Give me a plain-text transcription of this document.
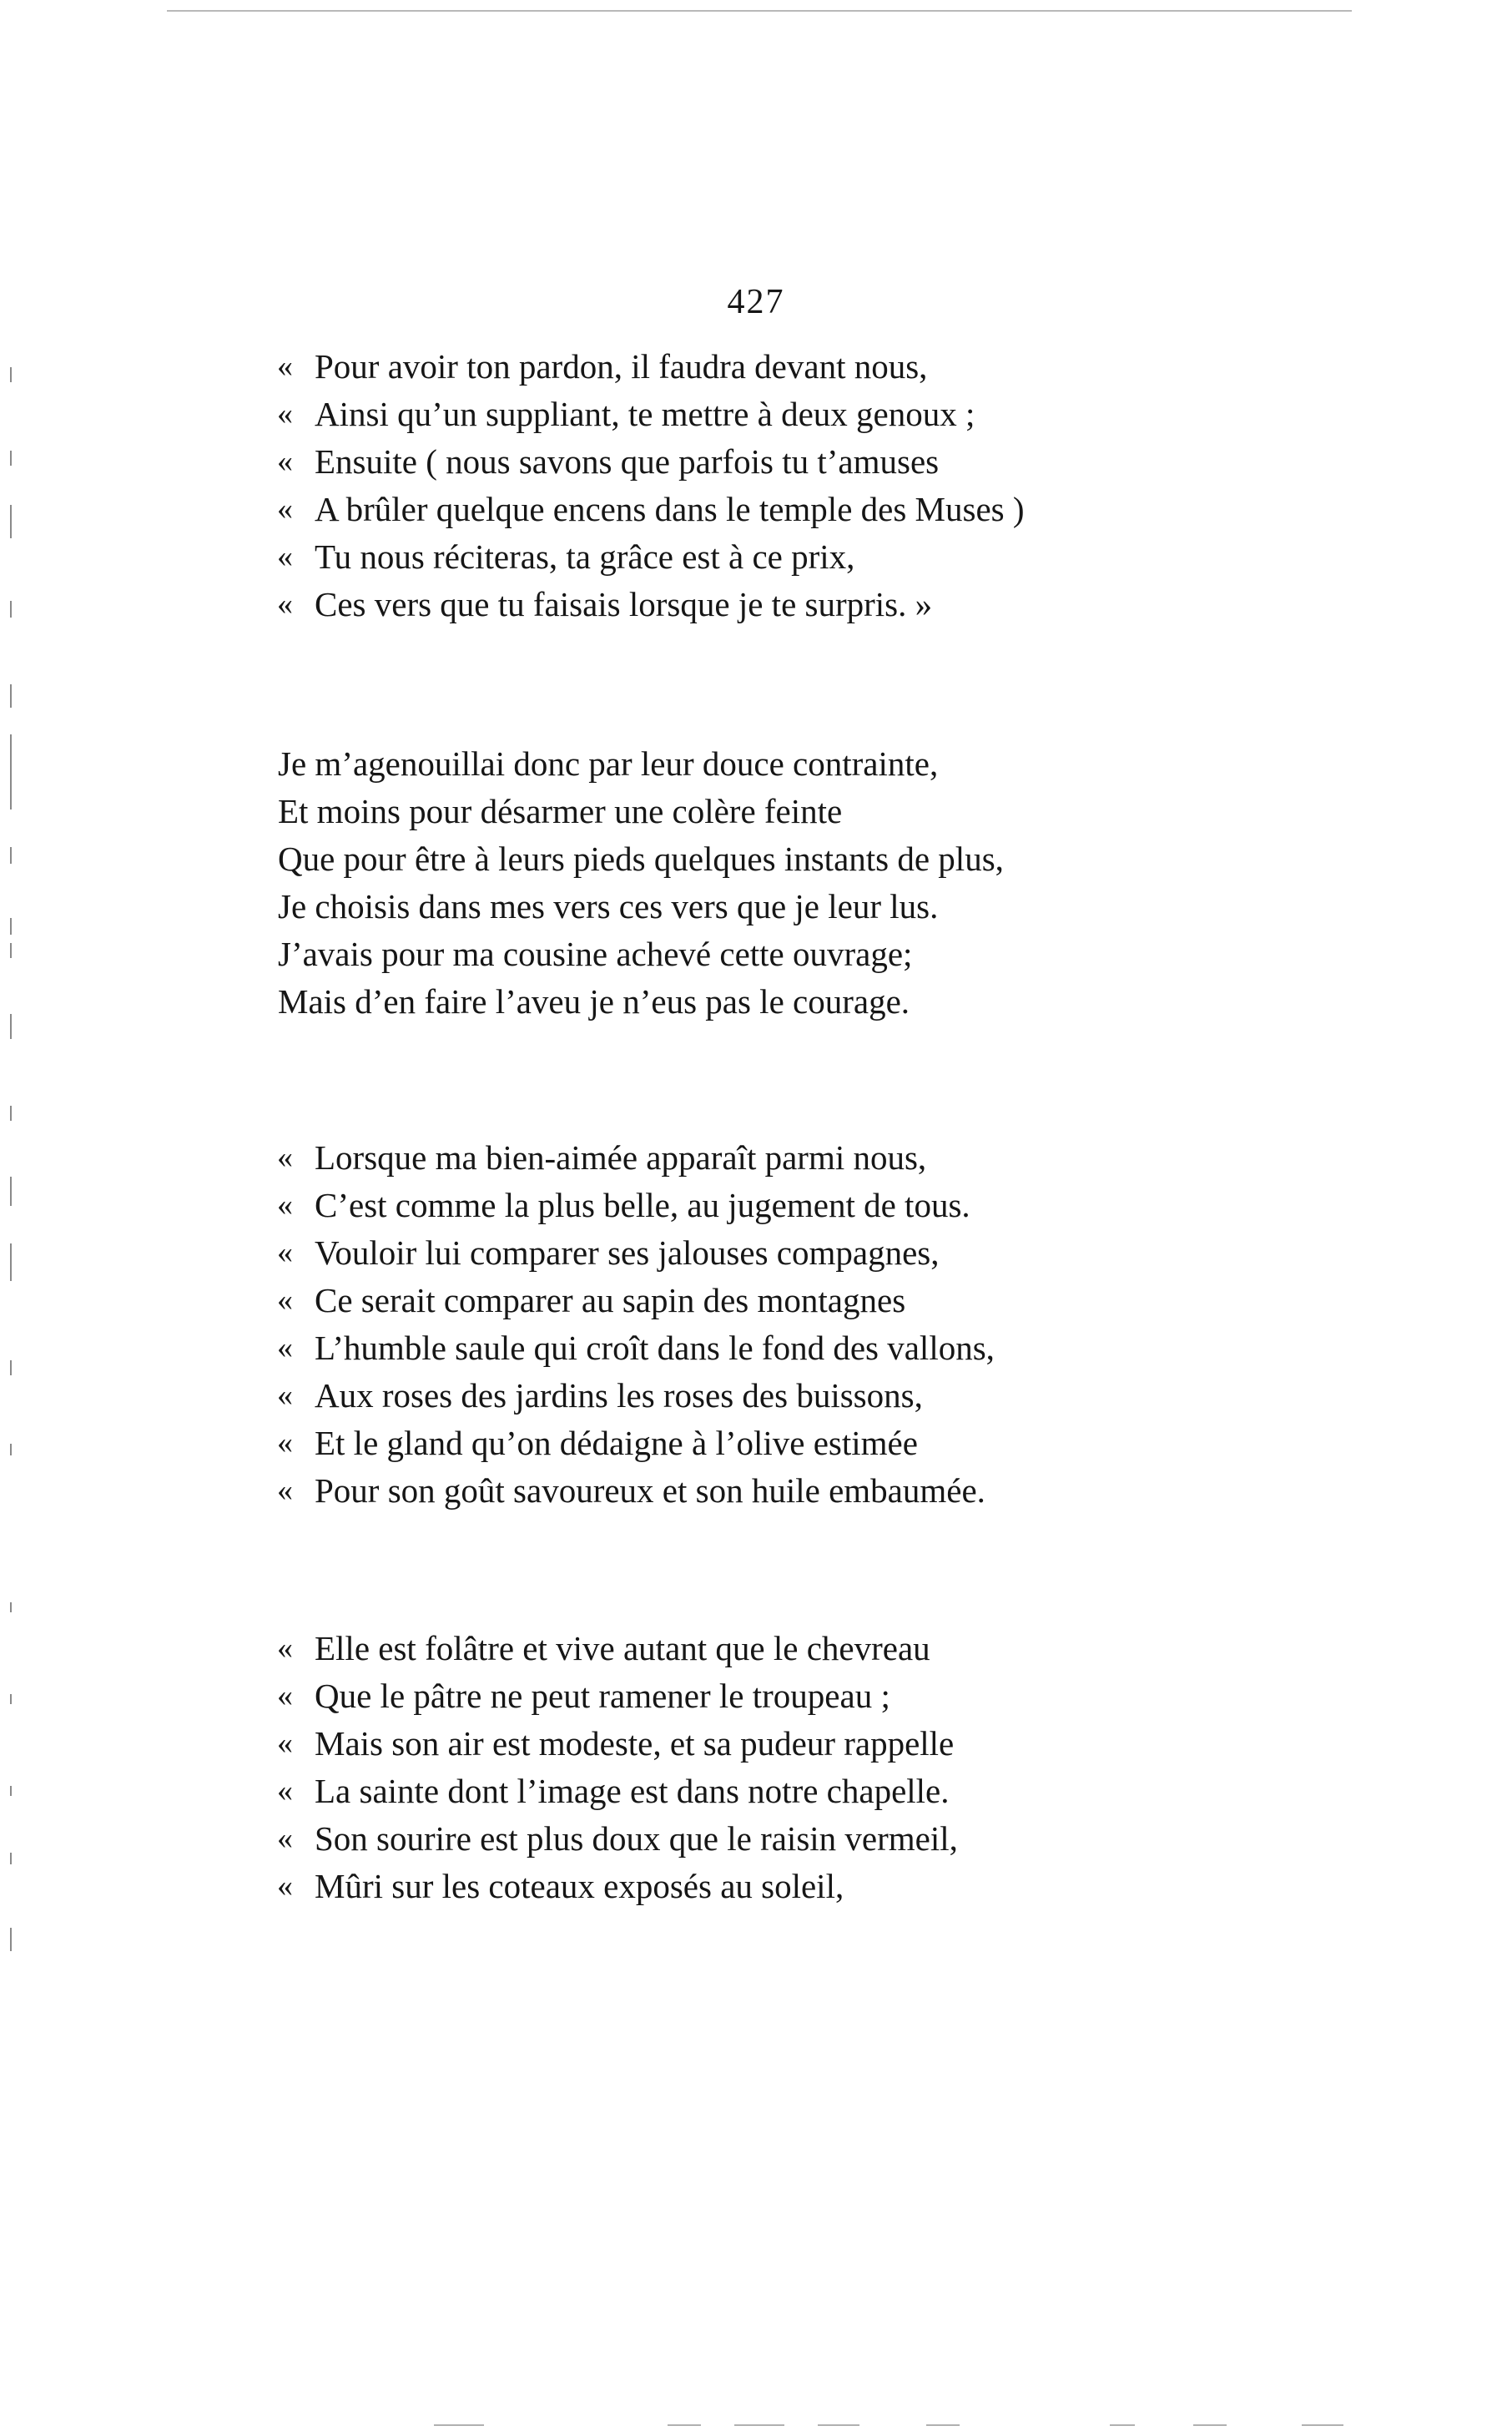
427
« Pour avoir ton pardon, il faudra devant nous,
« Ainsi qu’un suppliant, te mettre à deux genoux ;
« Ensuite ( nous savons que parfois tu t’amuses
« A brûler quelque encens dans le temple des Muses )
« Tu nous réciteras, ta grâce est à ce prix,
« Ces vers que tu faisais lorsque je te surpris. »
Je m’agenouillai donc par leur douce contrainte,
Et moins pour désarmer une colère feinte
Que pour être à leurs pieds quelques instants de plus,
Je choisis dans mes vers ces vers que je leur lus.
J’avais pour ma cousine achevé cette ouvrage;
Mais d’en faire l’aveu je n’eus pas le courage.
« Lorsque ma bien-aimée apparaît parmi nous,
« C’est comme la plus belle, au jugement de tous.
« Vouloir lui comparer ses jalouses compagnes,
« Ce serait comparer au sapin des montagnes
« L’humble saule qui croît dans le fond des vallons,
« Aux roses des jardins les roses des buissons,
« Et le gland qu’on dédaigne à l’olive estimée
« Pour son goût savoureux et son huile embaumée.
« Elle est folâtre et vive autant que le chevreau
« Que le pâtre ne peut ramener le troupeau ;
« Mais son air est modeste, et sa pudeur rappelle
« La sainte dont l’image est dans notre chapelle.
« Son sourire est plus doux que le raisin vermeil,
« Mûri sur les coteaux exposés au soleil,
